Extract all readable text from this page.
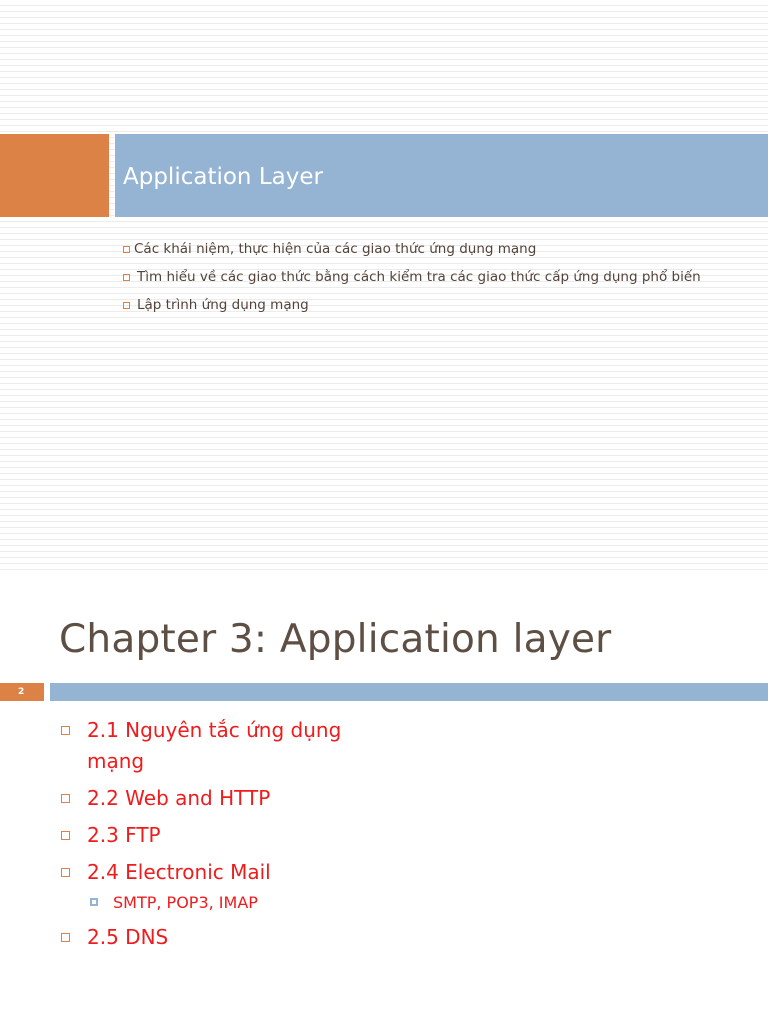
Application Layer
Các khái niệm, thực hiện của các giao thức ứng dụng mạng
Tìm hiểu về các giao thức bằng cách kiểm tra các giao thức cấp ứng dụng phổ biến
Lập trình ứng dụng mạng
Chapter 3: Application layer
2
2.1 Nguyên tắc ứng dụng mạng
2.2 Web and HTTP
2.3 FTP
2.4 Electronic Mail
SMTP, POP3, IMAP
2.5 DNS
